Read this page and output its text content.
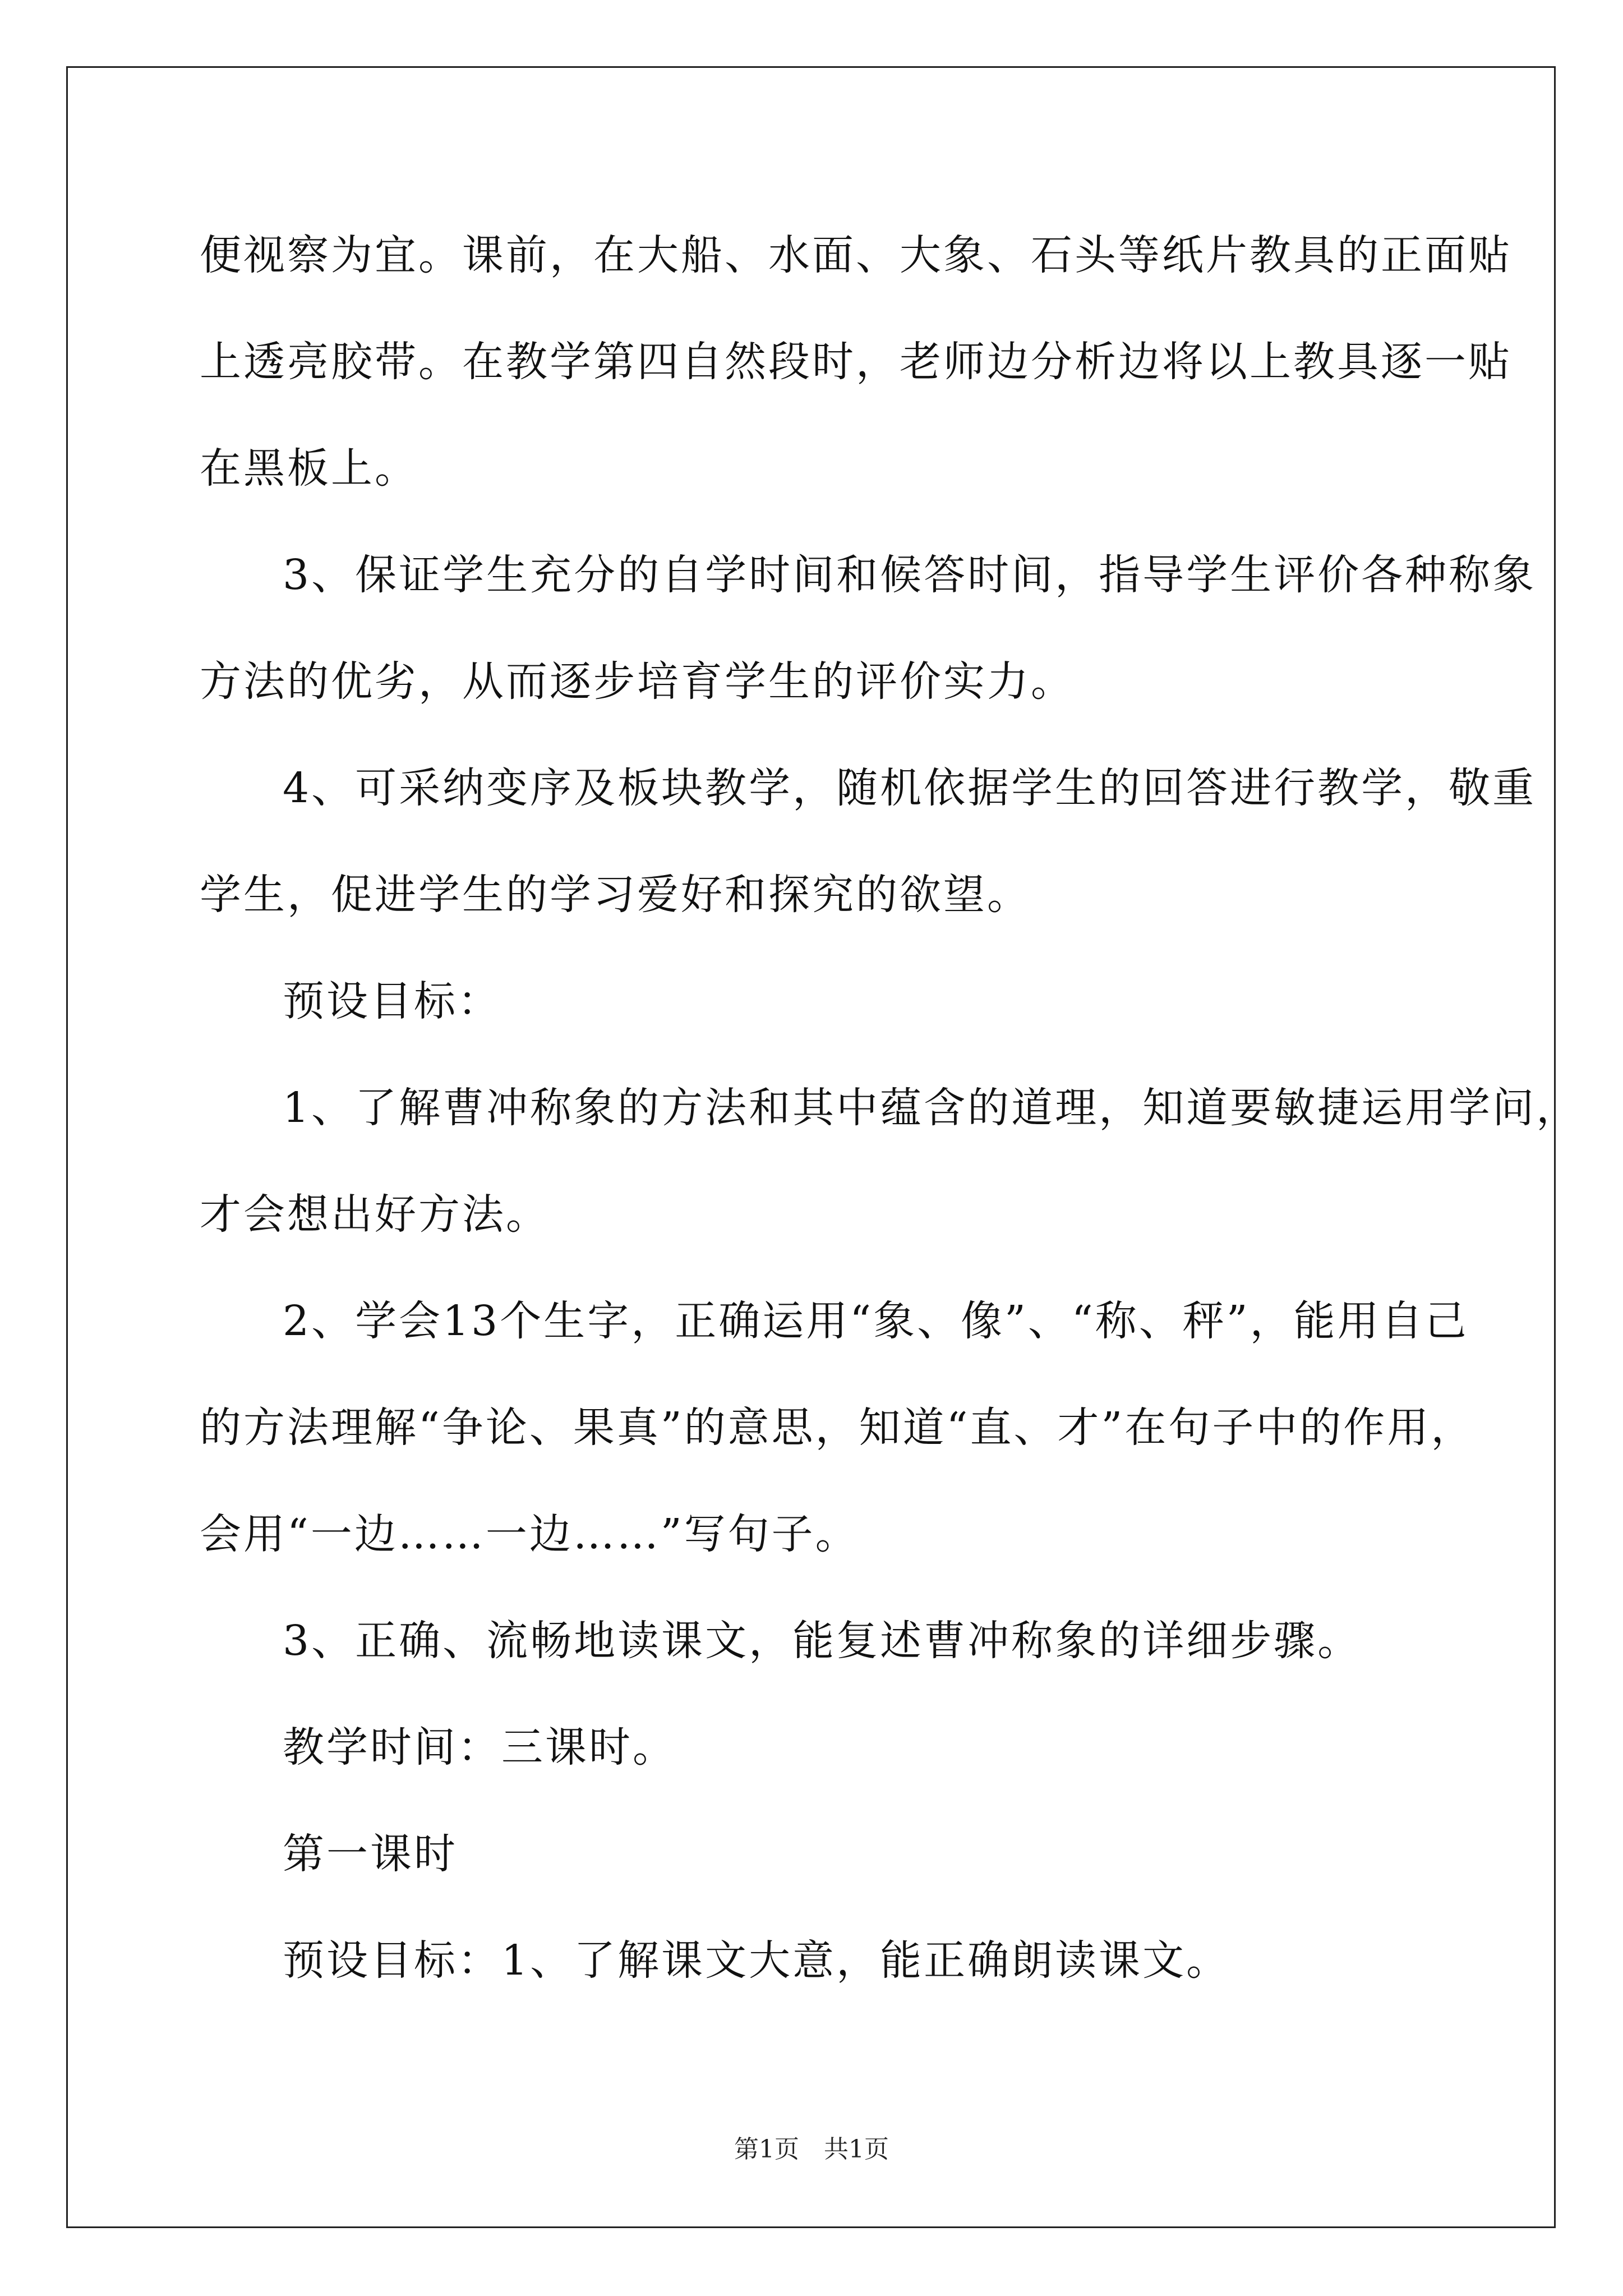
便视察为宜。课前，在大船、水面、大象、石头等纸片教具的正面贴

上透亮胶带。在教学第四自然段时，老师边分析边将以上教具逐一贴

在黑板上。

3、保证学生充分的自学时间和候答时间，指导学生评价各种称象

方法的优劣，从而逐步培育学生的评价实力。

4、可采纳变序及板块教学，随机依据学生的回答进行教学，敬重

学生，促进学生的学习爱好和探究的欲望。

预设目标：

1、了解曹冲称象的方法和其中蕴含的道理，知道要敏捷运用学问，

才会想出好方法。

2、学会13个生字，正确运用“象、像”、“称、秤”，能用自己

的方法理解“争论、果真”的意思，知道“直、才”在句子中的作用，

会用“一边……一边……”写句子。

3、正确、流畅地读课文，能复述曹冲称象的详细步骤。

教学时间：三课时。

第一课时

预设目标：1、了解课文大意，能正确朗读课文。

第1页　共1页
